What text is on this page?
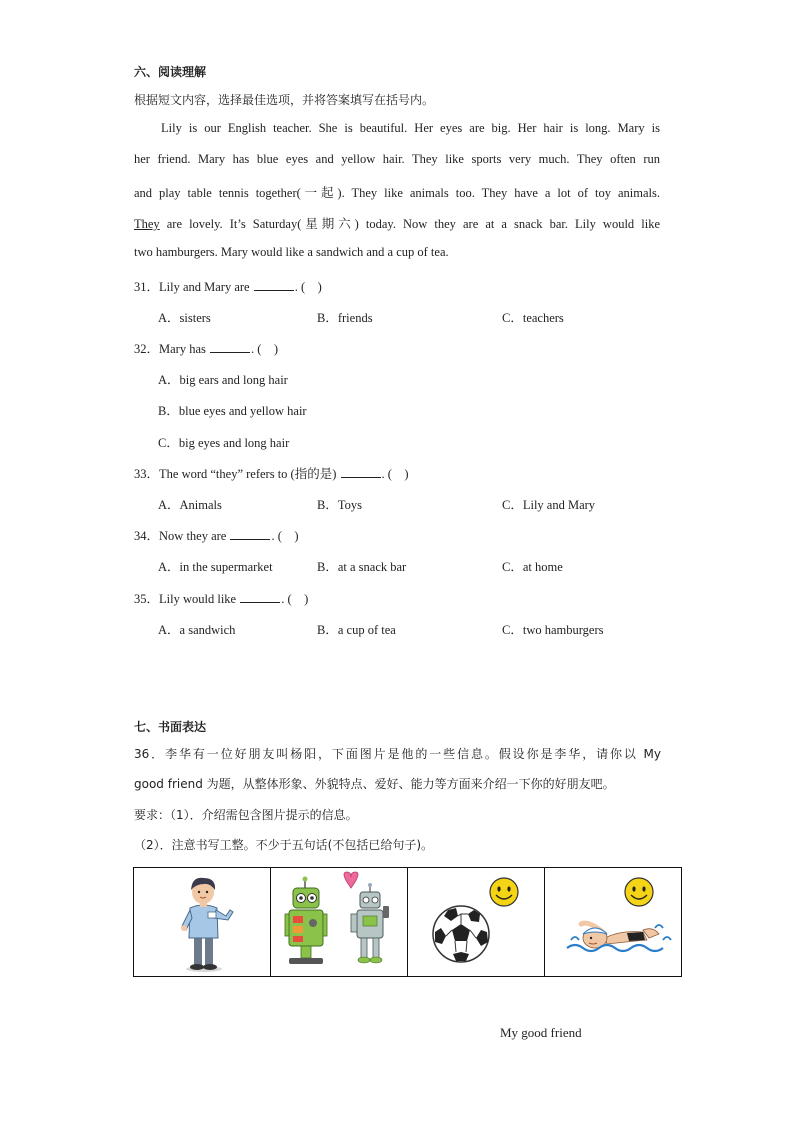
六、阅读理解
根据短文内容，选择最佳选项，并将答案填写在括号内。
Lily is our English teacher. She is beautiful. Her eyes are big. Her hair is long. Mary is
her friend. Mary has blue eyes and yellow hair. They like sports very much. They often run
and play table tennis together(一起). They like animals too. They have a lot of toy animals.
They are lovely. It’s Saturday(星期六) today. Now they are at a snack bar. Lily would like
two hamburgers. Mary would like a sandwich and a cup of tea.
31．Lily and Mary are	. (　)
A．sisters	B．friends	C．teachers
32．Mary has	. (　)
A．big ears and long hair
B．blue eyes and yellow hair
C．big eyes and long hair
33．The word “they” refers to (指的是)	. (　)
A．Animals	B．Toys	C．Lily and Mary
34．Now they are	. (　)
A．in the supermarket	B．at a snack bar	C．at home
35．Lily would like	. (　)
A．a sandwich	B．a cup of tea	C．two hamburgers
七、书面表达
36．李华有一位好朋友叫杨阳，下面图片是他的一些信息。假设你是李华，请你以 My
good friend 为题，从整体形象、外貌特点、爱好、能力等方面来介绍一下你的好朋友吧。
要求：（1）．介绍需包含图片提示的信息。
（2）．注意书写工整。不少于五句话(不包括已给句子)。

My good friend
